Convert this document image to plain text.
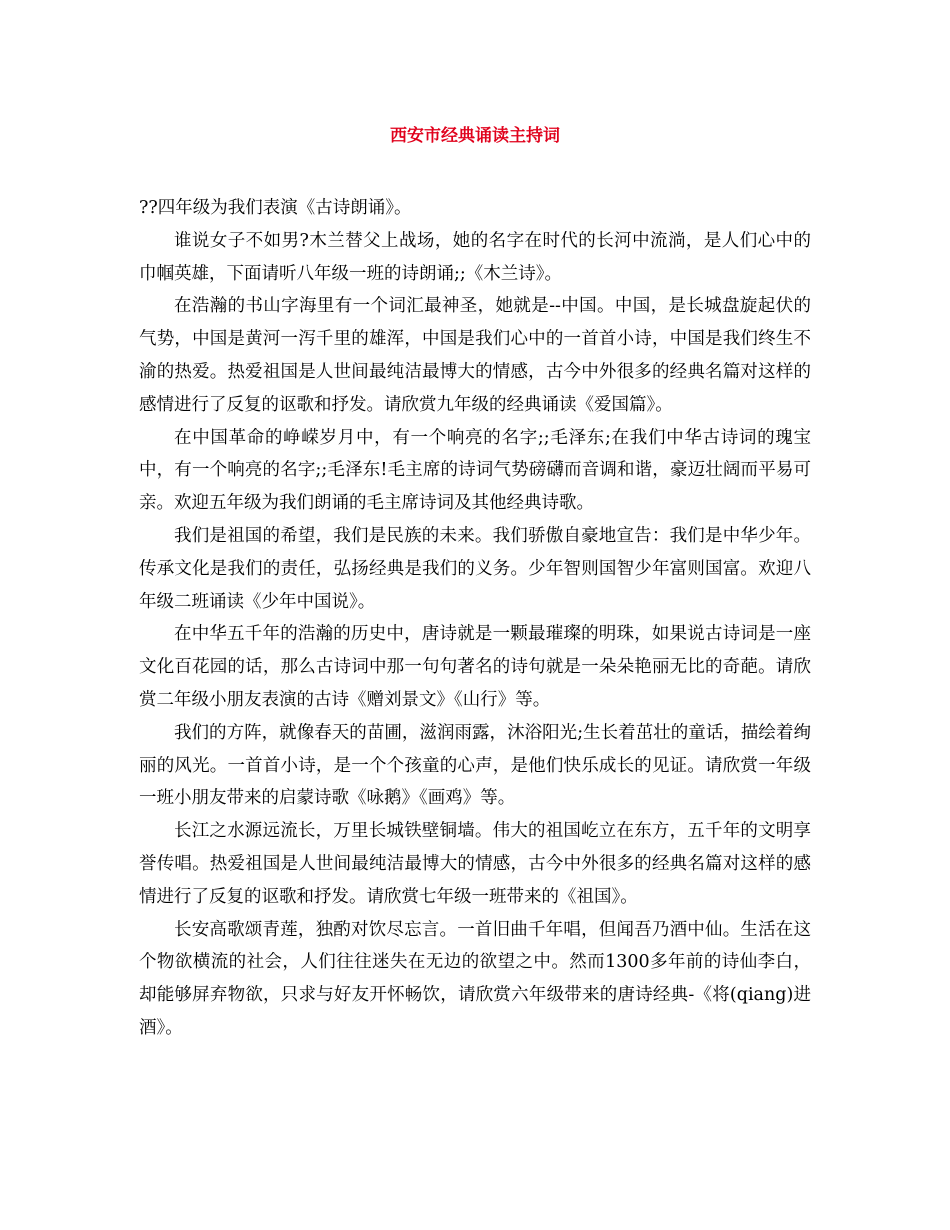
西安市经典诵读主持词

??四年级为我们表演《古诗朗诵》。

谁说女子不如男?木兰替父上战场，她的名字在时代的长河中流淌，是人们心中的巾帼英雄，下面请听八年级一班的诗朗诵;;《木兰诗》。

在浩瀚的书山字海里有一个词汇最神圣，她就是--中国。中国，是长城盘旋起伏的气势，中国是黄河一泻千里的雄浑，中国是我们心中的一首首小诗，中国是我们终生不渝的热爱。热爱祖国是人世间最纯洁最博大的情感，古今中外很多的经典名篇对这样的感情进行了反复的讴歌和抒发。请欣赏九年级的经典诵读《爱国篇》。

在中国革命的峥嵘岁月中，有一个响亮的名字;;毛泽东;在我们中华古诗词的瑰宝中，有一个响亮的名字;;毛泽东!毛主席的诗词气势磅礴而音调和谐，豪迈壮阔而平易可亲。欢迎五年级为我们朗诵的毛主席诗词及其他经典诗歌。

我们是祖国的希望，我们是民族的未来。我们骄傲自豪地宣告：我们是中华少年。传承文化是我们的责任，弘扬经典是我们的义务。少年智则国智少年富则国富。欢迎八年级二班诵读《少年中国说》。

在中华五千年的浩瀚的历史中，唐诗就是一颗最璀璨的明珠，如果说古诗词是一座文化百花园的话，那么古诗词中那一句句著名的诗句就是一朵朵艳丽无比的奇葩。请欣赏二年级小朋友表演的古诗《赠刘景文》《山行》等。

我们的方阵，就像春天的苗圃，滋润雨露，沐浴阳光;生长着茁壮的童话，描绘着绚丽的风光。一首首小诗，是一个个孩童的心声，是他们快乐成长的见证。请欣赏一年级一班小朋友带来的启蒙诗歌《咏鹅》《画鸡》等。

长江之水源远流长，万里长城铁壁铜墙。伟大的祖国屹立在东方，五千年的文明享誉传唱。热爱祖国是人世间最纯洁最博大的情感，古今中外很多的经典名篇对这样的感情进行了反复的讴歌和抒发。请欣赏七年级一班带来的《祖国》。

长安高歌颂青莲，独酌对饮尽忘言。一首旧曲千年唱，但闻吾乃酒中仙。生活在这个物欲横流的社会，人们往往迷失在无边的欲望之中。然而1300多年前的诗仙李白，却能够屏弃物欲，只求与好友开怀畅饮，请欣赏六年级带来的唐诗经典-《将(qiang)进酒》。
